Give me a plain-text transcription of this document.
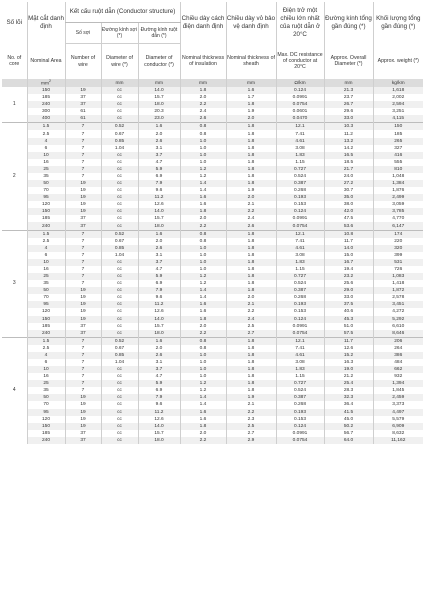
Số lõi	Mặt cắt danh định	Kết cấu ruột dẫn (Conductor structure)			Chiều dày cách điện danh định	Chiều dày vỏ bảo vệ danh định	Điện trở một chiều lớn nhất của ruột dẫn ở 20°C	Đường kính tổng gần đúng (*)	Khối lượng tổng gần đúng (*)
		Số sợi	Đường kính sợi (*)	Đường kính ruột dẫn (*)					
No. of core	Nominal Area	Number of wire	Diameter of wire (*)	Diameter of conductor (*)	Nominal thickness of insulation	Nominal thickness of sheath	Max. DC resistance of conductor at 20°C	Approx. Overall Diameter (*)	Approx. weight (*)
	$mm^2$		mm	mm	mm	mm	Ω/km	mm	kg/km
1	150	19	cc	14.0	1.8	1.6	0.124	21.3	1,618
	185	37	cc	15.7	2.0	1.7	0.0991	23.7	2,002
	240	37	cc	18.0	2.2	1.8	0.0754	26.7	2,594
	300	61	cc	20.3	2.4	1.9	0.0601	29.6	3,251
	400	61	cc	23.0	2.6	2.0	0.0470	33.0	4,115
2	1.5	7	0.52	1.6	0.8	1.8	12.1	10.3	150
	2.5	7	0.67	2.0	0.8	1.8	7.41	11.2	185
	4	7	0.85	2.6	1.0	1.8	4.61	13.2	265
	6	7	1.04	3.1	1.0	1.8	3.08	14.2	327
	10	7	cc	3.7	1.0	1.8	1.83	16.5	416
	16	7	cc	4.7	1.0	1.8	1.15	18.5	555
	25	7	cc	5.9	1.2	1.8	0.727	21.7	810
	35	7	cc	6.9	1.2	1.8	0.524	24.0	1,048
	50	19	cc	7.9	1.4	1.8	0.387	27.2	1,384
	70	19	cc	9.6	1.4	1.9	0.268	30.7	1,876
	95	19	cc	11.2	1.6	2.0	0.193	35.0	2,499
	120	19	cc	12.6	1.6	2.1	0.153	38.0	3,059
	150	19	cc	14.0	1.8	2.2	0.124	42.0	3,785
	185	37	cc	15.7	2.0	2.4	0.0991	47.5	4,770
	240	37	cc	18.0	2.2	2.6	0.0754	53.6	6,147
3	1.5	7	0.52	1.6	0.8	1.8	12.1	10.8	174
	2.5	7	0.67	2.0	0.8	1.8	7.41	11.7	220
	4	7	0.85	2.6	1.0	1.8	4.61	14.0	320
	6	7	1.04	3.1	1.0	1.8	3.08	15.0	399
	10	7	cc	3.7	1.0	1.8	1.83	16.7	531
	16	7	cc	4.7	1.0	1.8	1.15	19.4	726
	25	7	cc	5.9	1.2	1.8	0.727	23.2	1,083
	35	7	cc	6.9	1.2	1.8	0.524	25.6	1,418
	50	19	cc	7.9	1.4	1.8	0.387	29.0	1,872
	70	19	cc	9.6	1.4	2.0	0.268	33.0	2,578
	95	19	cc	11.2	1.6	2.1	0.193	37.5	3,451
	120	19	cc	12.6	1.6	2.2	0.153	40.6	4,272
	150	19	cc	14.0	1.8	2.4	0.124	45.3	5,292
	185	37	cc	15.7	2.0	2.5	0.0991	51.0	6,610
	240	37	cc	18.0	2.2	2.7	0.0754	57.5	8,646
4	1.5	7	0.52	1.6	0.8	1.8	12.1	11.7	206
	2.5	7	0.67	2.0	0.8	1.8	7.41	12.6	264
	4	7	0.85	2.6	1.0	1.8	4.61	15.2	386
	6	7	1.04	3.1	1.0	1.8	3.08	16.3	484
	10	7	cc	3.7	1.0	1.8	1.83	19.0	662
	16	7	cc	4.7	1.0	1.8	1.15	21.2	932
	25	7	cc	5.9	1.2	1.8	0.727	25.4	1,394
	35	7	cc	6.9	1.2	1.8	0.524	28.3	1,845
	50	19	cc	7.9	1.4	1.9	0.387	32.3	2,459
	70	19	cc	9.6	1.4	2.1	0.268	36.4	3,373
	95	19	cc	11.2	1.6	2.2	0.193	41.5	4,497
	120	19	cc	12.6	1.6	2.3	0.153	45.0	5,579
	150	19	cc	14.0	1.8	2.5	0.124	50.2	6,909
	185	37	cc	15.7	2.0	2.7	0.0991	56.7	8,632
	240	37	cc	18.0	2.2	2.9	0.0754	64.0	11,162
